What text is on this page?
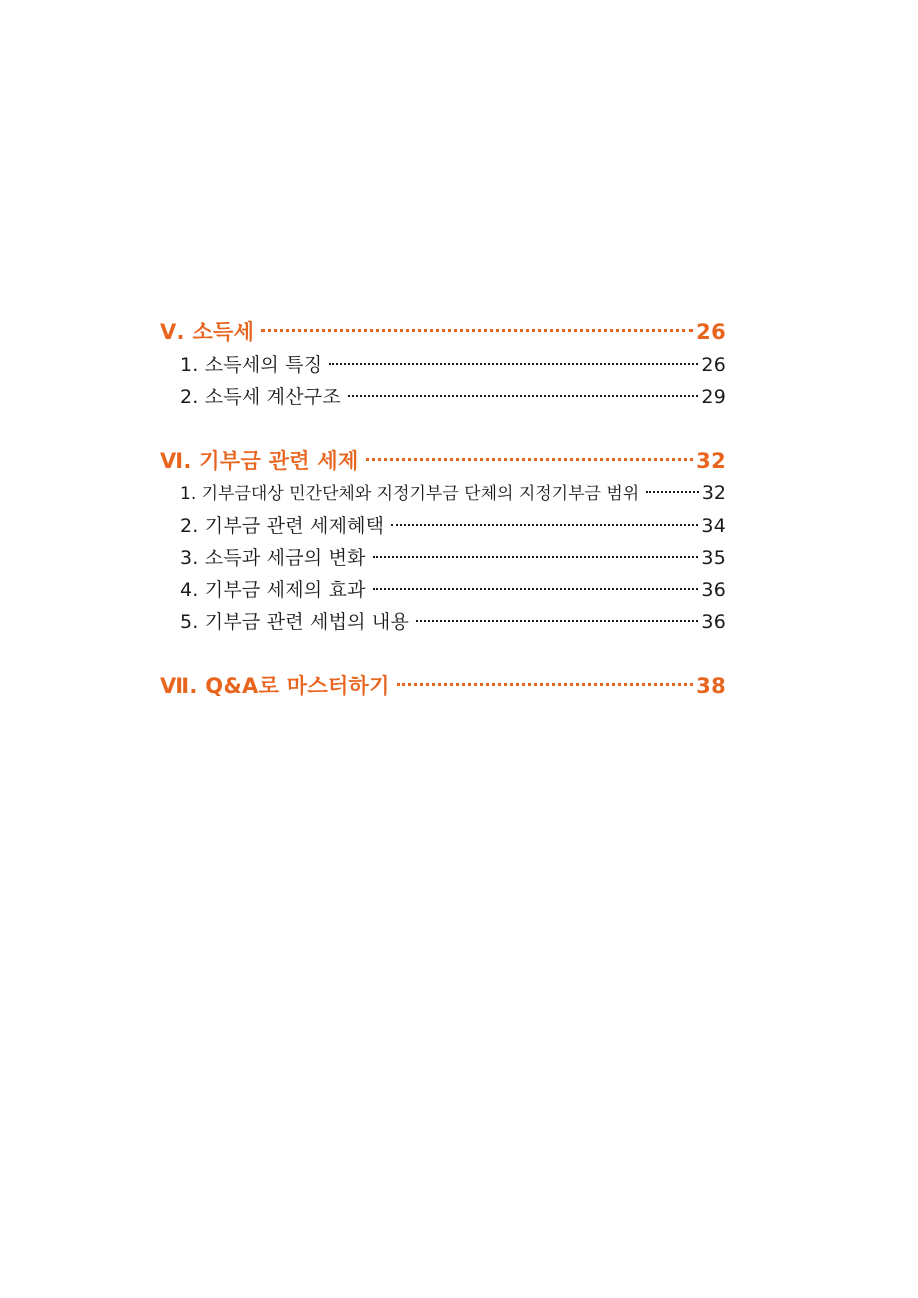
Ⅴ. 소득세	26
1. 소득세의 특징	26
2. 소득세 계산구조	29
Ⅵ. 기부금 관련 세제	32
1. 기부금대상 민간단체와 지정기부금 단체의 지정기부금 범위	32
2. 기부금 관련 세제혜택	34
3. 소득과 세금의 변화	35
4. 기부금 세제의 효과	36
5. 기부금 관련 세법의 내용	36
Ⅶ. Q&A로 마스터하기	38
